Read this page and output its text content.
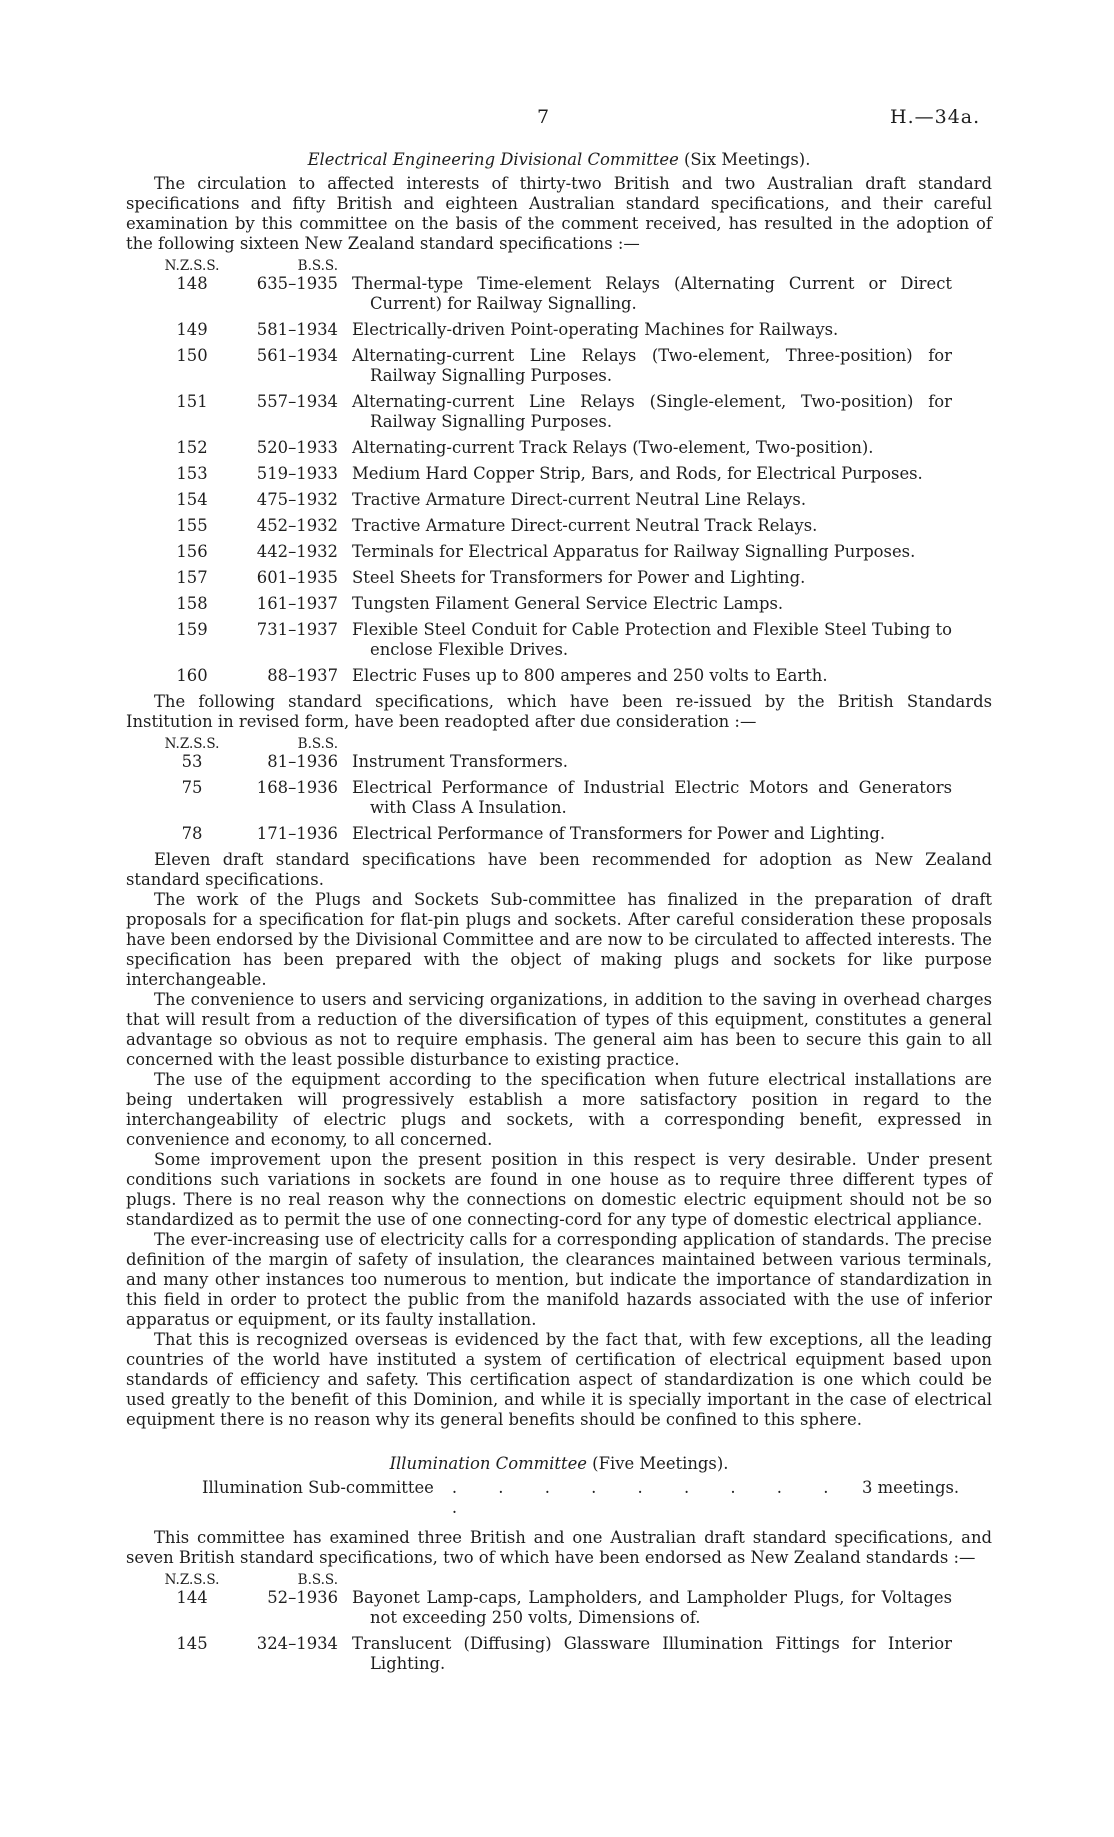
7	H.—34a.
Electrical Engineering Divisional Committee (Six Meetings).

The circulation to affected interests of thirty-two British and two Australian draft standard specifications and fifty British and eighteen Australian standard specifications, and their careful examination by this committee on the basis of the comment received, has resulted in the adoption of the following sixteen New Zealand standard specifications :—

N.Z.S.S.	B.S.S.	
148	635–1935	Thermal-type Time-element Relays (Alternating Current or Direct Current) for Railway Signalling.

149	581–1934	Electrically-driven Point-operating Machines for Railways.

150	561–1934	Alternating-current Line Relays (Two-element, Three-position) for Railway Signalling Purposes.

151	557–1934	Alternating-current Line Relays (Single-element, Two-position) for Railway Signalling Purposes.

152	520–1933	Alternating-current Track Relays (Two-element, Two-position).

153	519–1933	Medium Hard Copper Strip, Bars, and Rods, for Electrical Purposes.

154	475–1932	Tractive Armature Direct-current Neutral Line Relays.

155	452–1932	Tractive Armature Direct-current Neutral Track Relays.

156	442–1932	Terminals for Electrical Apparatus for Railway Signalling Purposes.

157	601–1935	Steel Sheets for Transformers for Power and Lighting.

158	161–1937	Tungsten Filament General Service Electric Lamps.

159	731–1937	Flexible Steel Conduit for Cable Protection and Flexible Steel Tubing to enclose Flexible Drives.

160	88–1937	Electric Fuses up to 800 amperes and 250 volts to Earth.

The following standard specifications, which have been re-issued by the British Standards Institution in revised form, have been readopted after due consideration :—

N.Z.S.S.	B.S.S.	
53	81–1936	Instrument Transformers.

75	168–1936	Electrical Performance of Industrial Electric Motors and Generators with Class A Insulation.

78	171–1936	Electrical Performance of Transformers for Power and Lighting.

Eleven draft standard specifications have been recommended for adoption as New Zealand standard specifications.

The work of the Plugs and Sockets Sub-committee has finalized in the preparation of draft proposals for a specification for flat-pin plugs and sockets. After careful consideration these proposals have been endorsed by the Divisional Committee and are now to be circulated to affected interests. The specification has been prepared with the object of making plugs and sockets for like purpose interchangeable.

The convenience to users and servicing organizations, in addition to the saving in overhead charges that will result from a reduction of the diversification of types of this equipment, constitutes a general advantage so obvious as not to require emphasis. The general aim has been to secure this gain to all concerned with the least possible disturbance to existing practice.

The use of the equipment according to the specification when future electrical installations are being undertaken will progressively establish a more satisfactory position in regard to the interchangeability of electric plugs and sockets, with a corresponding benefit, expressed in convenience and economy, to all concerned.

Some improvement upon the present position in this respect is very desirable. Under present conditions such variations in sockets are found in one house as to require three different types of plugs. There is no real reason why the connections on domestic electric equipment should not be so standardized as to permit the use of one connecting-cord for any type of domestic electrical appliance.

The ever-increasing use of electricity calls for a corresponding application of standards. The precise definition of the margin of safety of insulation, the clearances maintained between various terminals, and many other instances too numerous to mention, but indicate the importance of standardization in this field in order to protect the public from the manifold hazards associated with the use of inferior apparatus or equipment, or its faulty installation.

That this is recognized overseas is evidenced by the fact that, with few exceptions, all the leading countries of the world have instituted a system of certification of electrical equipment based upon standards of efficiency and safety. This certification aspect of standardization is one which could be used greatly to the benefit of this Dominion, and while it is specially important in the case of electrical equipment there is no reason why its general benefits should be confined to this sphere.

Illumination Committee (Five Meetings).
Illumination Sub-committee	. . . . . . . . . .
3 meetings.

This committee has examined three British and one Australian draft standard specifications, and seven British standard specifications, two of which have been endorsed as New Zealand standards :—

N.Z.S.S.	B.S.S.	
144	52–1936	Bayonet Lamp-caps, Lampholders, and Lampholder Plugs, for Voltages not exceeding 250 volts, Dimensions of.

145	324–1934	Translucent (Diffusing) Glassware Illumination Fittings for Interior Lighting.
